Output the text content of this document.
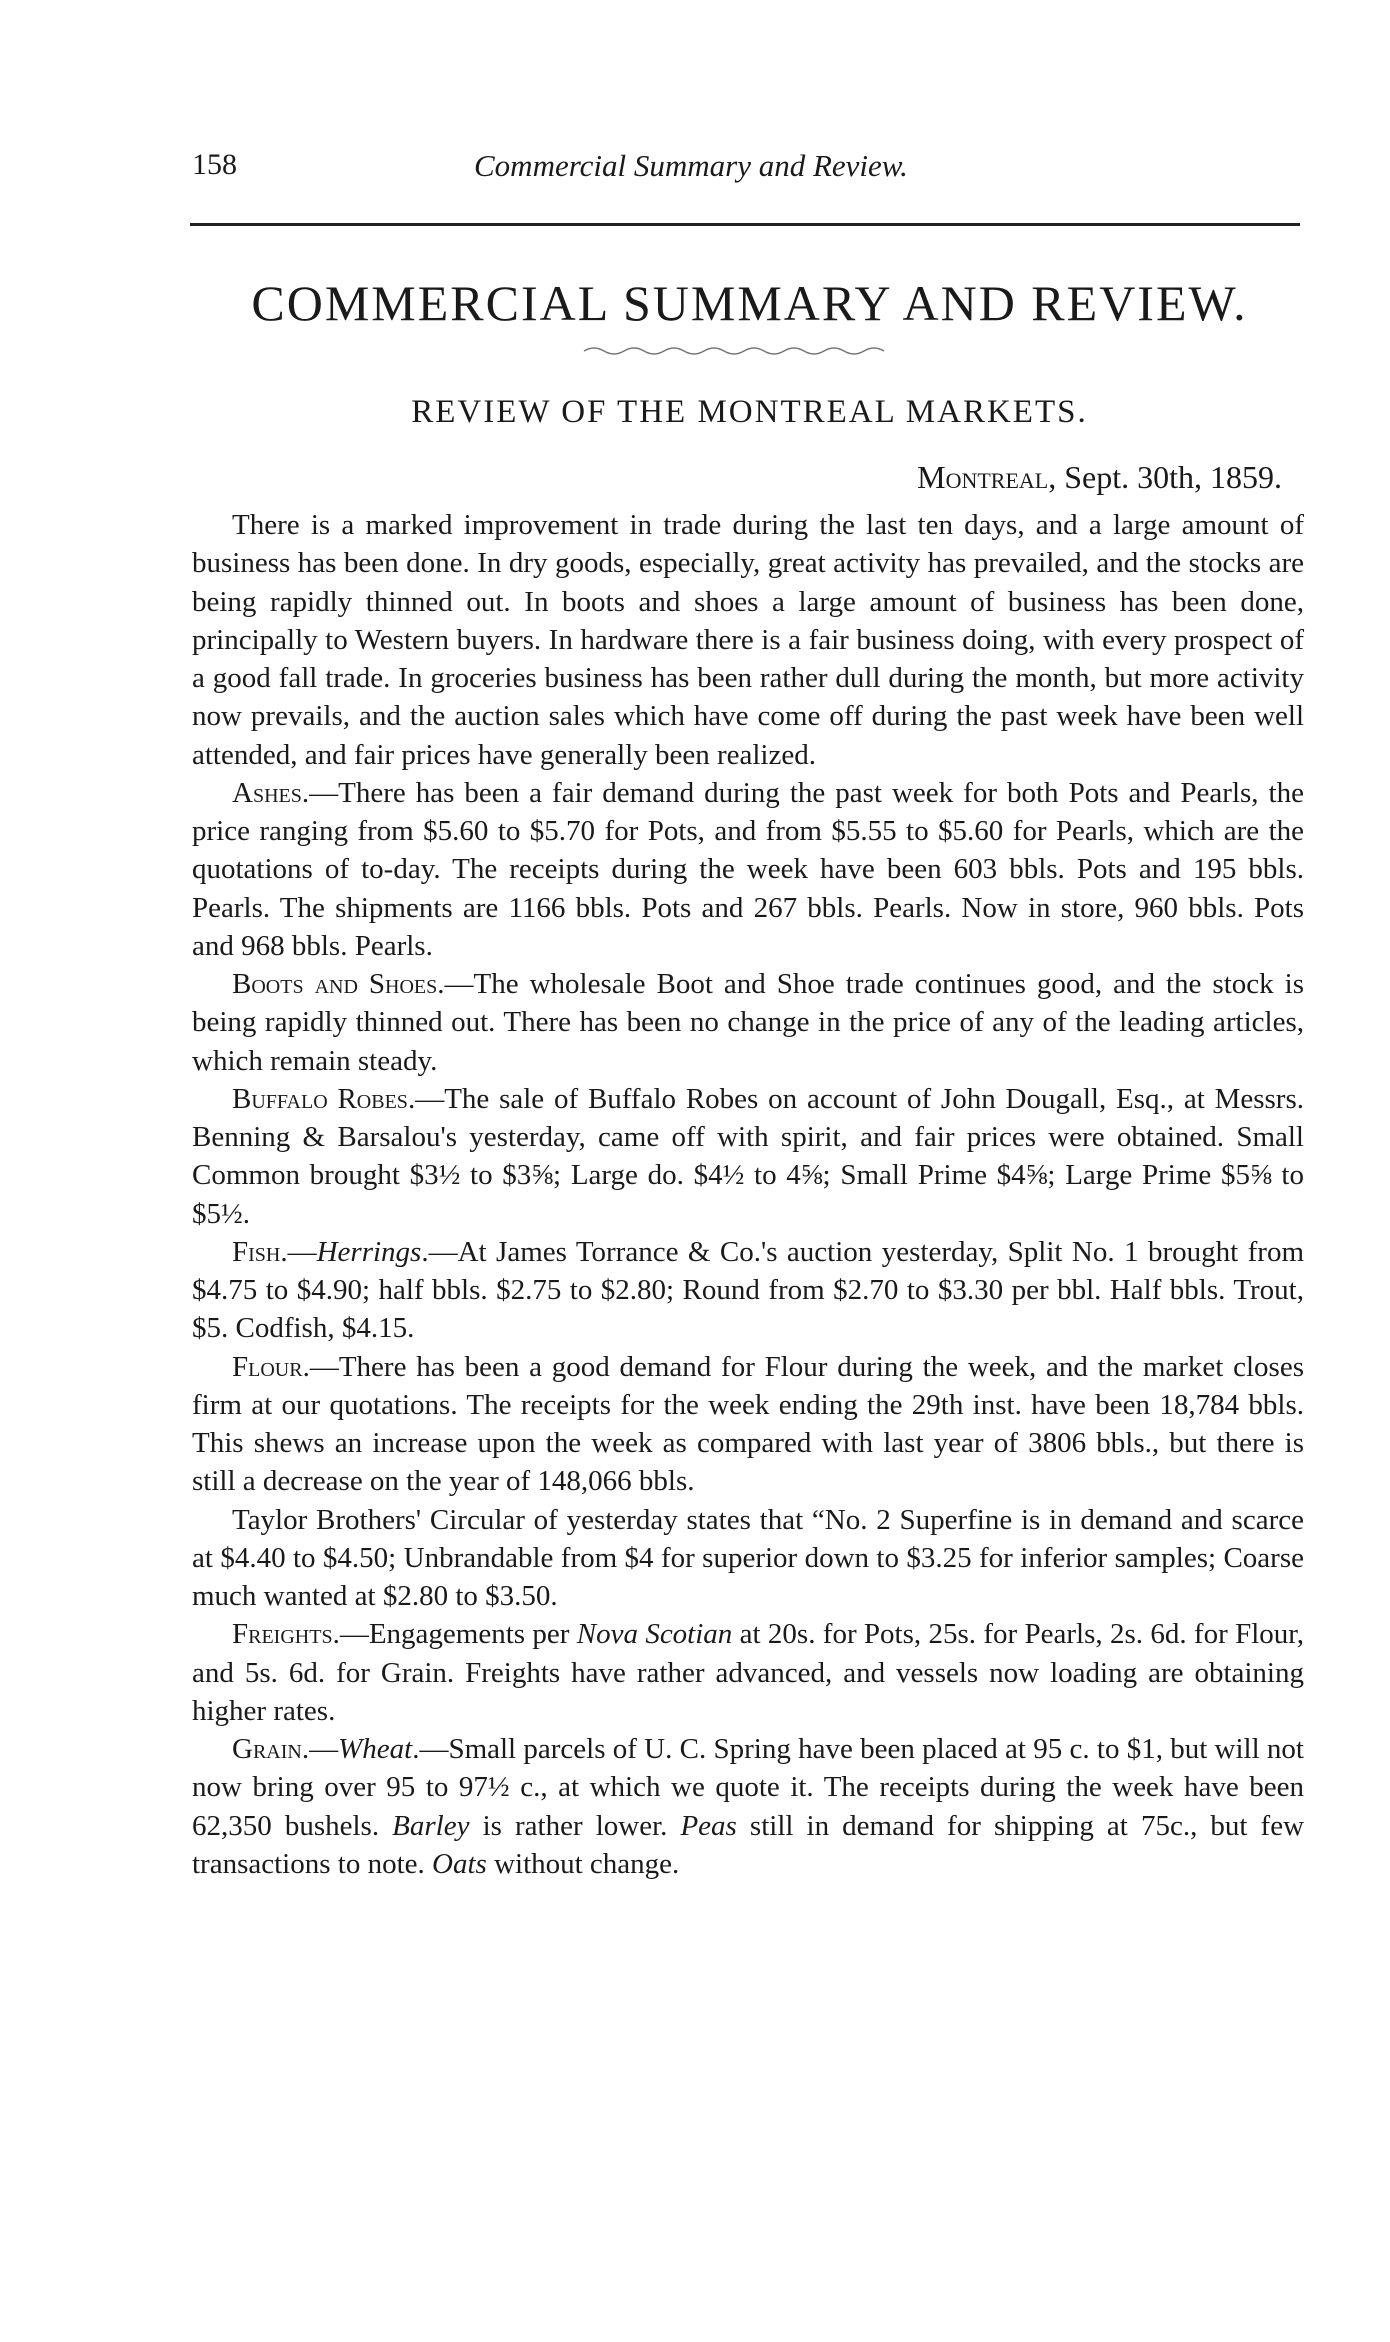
158	Commercial Summary and Review.
COMMERCIAL SUMMARY AND REVIEW.
REVIEW OF THE MONTREAL MARKETS.
Montreal, Sept. 30th, 1859.

There is a marked improvement in trade during the last ten days, and a large amount of business has been done. In dry goods, especially, great activity has prevailed, and the stocks are being rapidly thinned out. In boots and shoes a large amount of business has been done, principally to Western buyers. In hardware there is a fair business doing, with every prospect of a good fall trade. In groceries business has been rather dull during the month, but more activity now prevails, and the auction sales which have come off during the past week have been well attended, and fair prices have generally been realized.

Ashes.—There has been a fair demand during the past week for both Pots and Pearls, the price ranging from $5.60 to $5.70 for Pots, and from $5.55 to $5.60 for Pearls, which are the quotations of to-day. The receipts during the week have been 603 bbls. Pots and 195 bbls. Pearls. The shipments are 1166 bbls. Pots and 267 bbls. Pearls. Now in store, 960 bbls. Pots and 968 bbls. Pearls.

Boots and Shoes.—The wholesale Boot and Shoe trade continues good, and the stock is being rapidly thinned out. There has been no change in the price of any of the leading articles, which remain steady.

Buffalo Robes.—The sale of Buffalo Robes on account of John Dougall, Esq., at Messrs. Benning & Barsalou's yesterday, came off with spirit, and fair prices were obtained. Small Common brought $3½ to $3⅝; Large do. $4½ to 4⅝; Small Prime $4⅝; Large Prime $5⅝ to $5½.

Fish.—Herrings.—At James Torrance & Co.'s auction yesterday, Split No. 1 brought from $4.75 to $4.90; half bbls. $2.75 to $2.80; Round from $2.70 to $3.30 per bbl. Half bbls. Trout, $5. Codfish, $4.15.

Flour.—There has been a good demand for Flour during the week, and the market closes firm at our quotations. The receipts for the week ending the 29th inst. have been 18,784 bbls. This shews an increase upon the week as compared with last year of 3806 bbls., but there is still a decrease on the year of 148,066 bbls.

Taylor Brothers' Circular of yesterday states that “No. 2 Superfine is in demand and scarce at $4.40 to $4.50; Unbrandable from $4 for superior down to $3.25 for inferior samples; Coarse much wanted at $2.80 to $3.50.

Freights.—Engagements per Nova Scotian at 20s. for Pots, 25s. for Pearls, 2s. 6d. for Flour, and 5s. 6d. for Grain. Freights have rather advanced, and vessels now loading are obtaining higher rates.

Grain.—Wheat.—Small parcels of U. C. Spring have been placed at 95 c. to $1, but will not now bring over 95 to 97½ c., at which we quote it. The receipts during the week have been 62,350 bushels. Barley is rather lower. Peas still in demand for shipping at 75c., but few transactions to note. Oats without change.
